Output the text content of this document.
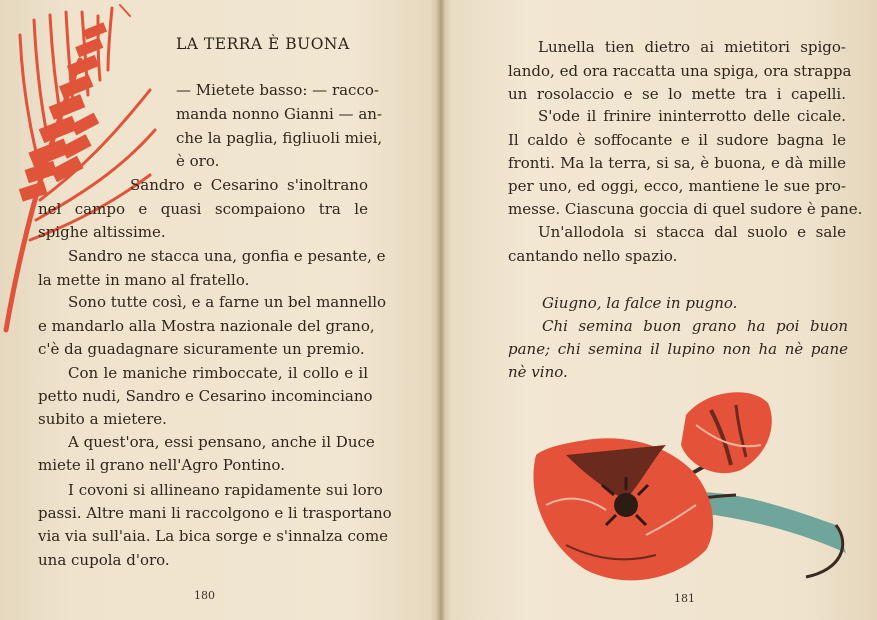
LA TERRA È BUONA
— Mietete basso: — racco-
manda nonno Gianni — an-
che la paglia, figliuoli miei,
è oro.
Sandro e Cesarino s'inoltrano
nel campo e quasi scompaiono tra le
spighe altissime.
Sandro ne stacca una, gonfia e pesante, e
la mette in mano al fratello.
Sono tutte così, e a farne un bel mannello
e mandarlo alla Mostra nazionale del grano,
c'è da guadagnare sicuramente un premio.
Con le maniche rimboccate, il collo e il
petto nudi, Sandro e Cesarino incominciano
subito a mietere.
A quest'ora, essi pensano, anche il Duce
miete il grano nell'Agro Pontino.
I covoni si allineano rapidamente sui loro
passi. Altre mani li raccolgono e li trasportano
via via sull'aia. La bica sorge e s'innalza come
una cupola d'oro.
180
Lunella tien dietro ai mietitori spigo-
lando, ed ora raccatta una spiga, ora strappa
un rosolaccio e se lo mette tra i capelli.
S'ode il frinire ininterrotto delle cicale.
Il caldo è soffocante e il sudore bagna le
fronti. Ma la terra, si sa, è buona, e dà mille
per uno, ed oggi, ecco, mantiene le sue pro-
messe. Ciascuna goccia di quel sudore è pane.
Un'allodola si stacca dal suolo e sale
cantando nello spazio.
Giugno, la falce in pugno.
Chi semina buon grano ha poi buon
pane; chi semina il lupino non ha nè pane
nè vino.
181
